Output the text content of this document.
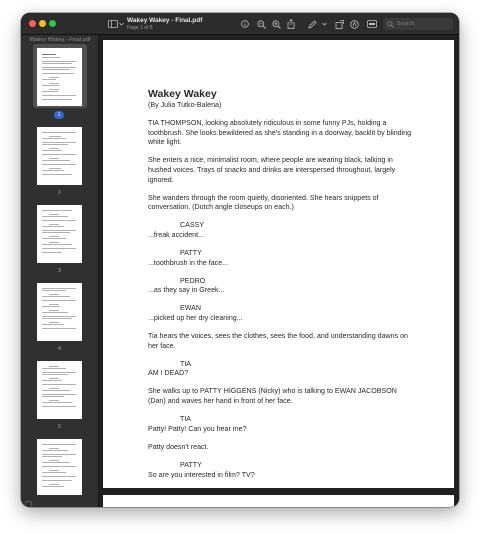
Wakey Wakey - Final.pdf
Page 1 of 8
Search
Wakey Wakey - Final.pdf
1
2
3
4
5
Wakey Wakey
(By Julia Tutko-Balena)
TIA THOMPSON, looking absolutely ridiculous in some funny PJs, holding a toothbrush. She looks bewildered as she's standing in a doorway, backlit by blinding white light.
She enters a nice, minimalist room, where people are wearing black, talking in hushed voices. Trays of snacks and drinks are interspersed throughout, largely ignored.
She wanders through the room quietly, disoriented. She hears snippets of conversation. (Dutch angle closeups on each.)
CASSY
...freak accident...
PATTY
...toothbrush in the face...
PEDRO
...as they say in Greek...
EWAN
...picked up her dry cleaning...
Tia hears the voices, sees the clothes, sees the food, and understanding dawns on her face.
TIA
AM I DEAD?
She walks up to PATTY HIGGENS (Nicky) who is talking to EWAN JACOBSON (Dan) and waves her hand in front of her face.
TIA
Patty! Patty! Can you hear me?
Patty doesn't react.
PATTY
So are you interested in film? TV?
